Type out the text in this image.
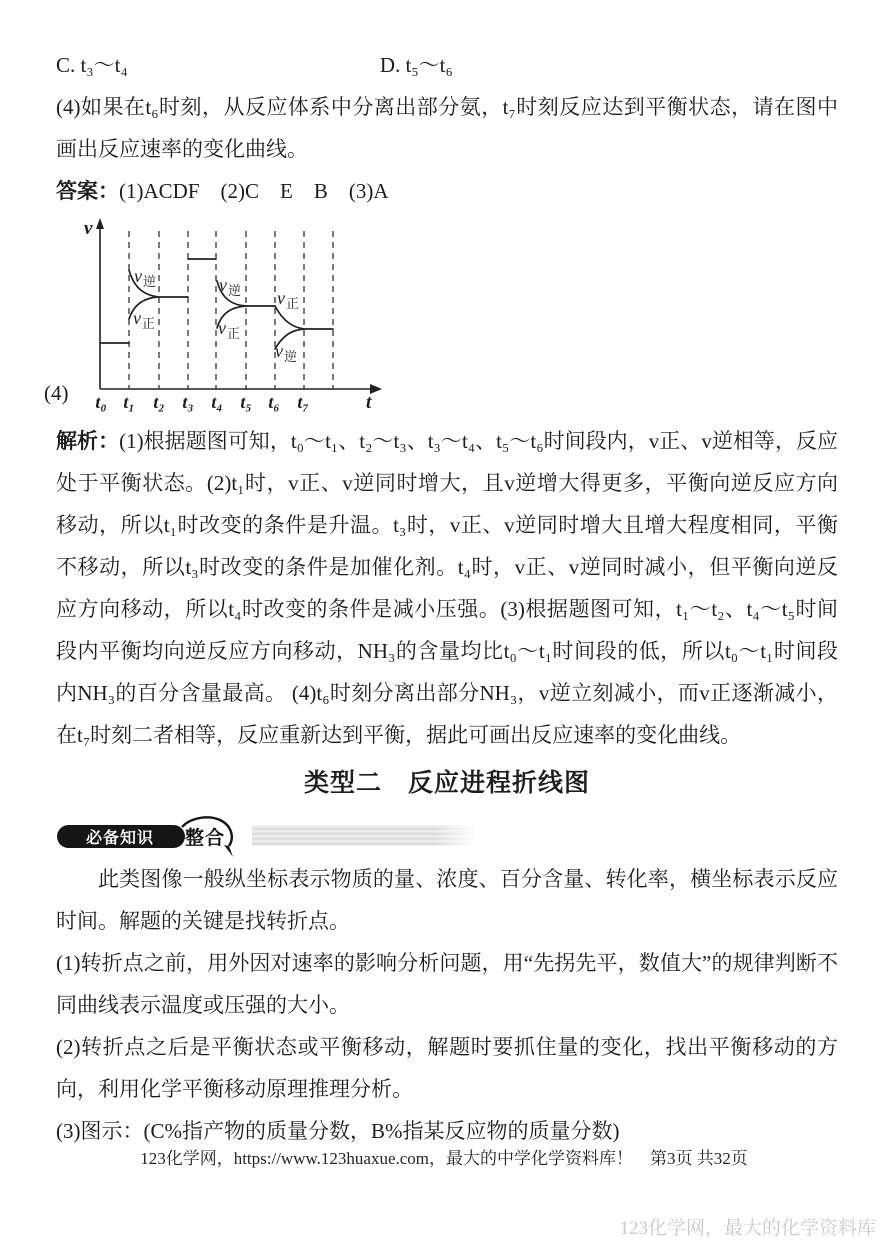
C. t₃～t₄	D. t₅～t₆

(4)如果在t₆时刻，从反应体系中分离出部分氨，t₇时刻反应达到平衡状态，请在图中画出反应速率的变化曲线。

答案：(1)ACDF　(2)C　E　B　(3)A

(4)
v
t
t₀ t₁ t₂ t₃ t₄ t₅ t₆ t₇
v逆
v正
v逆
v正
v正
v逆

解析：(1)根据题图可知，t₀～t₁、t₂～t₃、t₃～t₄、t₅～t₆时间段内，v正、v逆相等，反应处于平衡状态。(2)t₁时，v正、v逆同时增大，且v逆增大得更多，平衡向逆反应方向移动，所以t₁时改变的条件是升温。t₃时，v正、v逆同时增大且增大程度相同，平衡不移动，所以t₃时改变的条件是加催化剂。t₄时，v正、v逆同时减小，但平衡向逆反应方向移动，所以t₄时改变的条件是减小压强。(3)根据题图可知，t₁～t₂、t₄～t₅时间段内平衡均向逆反应方向移动，NH₃的含量均比t₀～t₁时间段的低，所以t₀～t₁时间段内NH₃的百分含量最高。 (4)t₆时刻分离出部分NH₃，v逆立刻减小，而v正逐渐减小，在t₇时刻二者相等，反应重新达到平衡，据此可画出反应速率的变化曲线。

类型二　反应进程折线图
必备知识 整合

此类图像一般纵坐标表示物质的量、浓度、百分含量、转化率，横坐标表示反应时间。解题的关键是找转折点。

(1)转折点之前，用外因对速率的影响分析问题，用“先拐先平，数值大”的规律判断不同曲线表示温度或压强的大小。

(2)转折点之后是平衡状态或平衡移动，解题时要抓住量的变化，找出平衡移动的方向，利用化学平衡移动原理推理分析。

(3)图示：(C%指产物的质量分数，B%指某反应物的质量分数)

123化学网，https://www.123huaxue.com，最大的中学化学资料库！　第3页 共32页
123化学网，最大的化学资料库
